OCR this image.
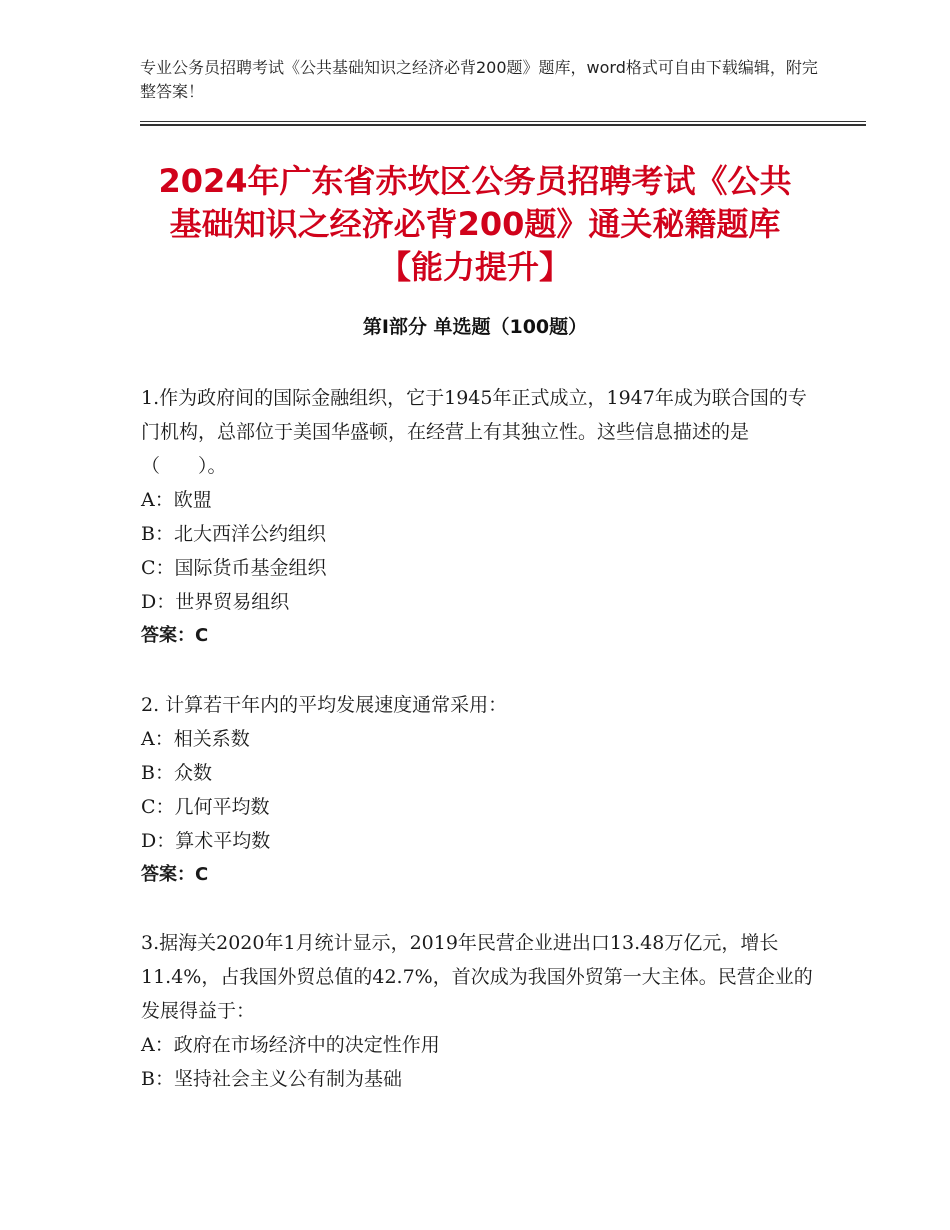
专业公务员招聘考试《公共基础知识之经济必背200题》题库，word格式可自由下载编辑，附完整答案！
2024年广东省赤坎区公务员招聘考试《公共
基础知识之经济必背200题》通关秘籍题库
【能力提升】
第Ⅰ部分 单选题（100题）
1.作为政府间的国际金融组织，它于1945年正式成立，1947年成为联合国的专门机构，总部位于美国华盛顿，在经营上有其独立性。这些信息描述的是（　　）。
A：欧盟
B：北大西洋公约组织
C：国际货币基金组织
D：世界贸易组织
答案：C
2. 计算若干年内的平均发展速度通常采用：
A：相关系数
B：众数
C：几何平均数
D：算术平均数
答案：C
3.据海关2020年1月统计显示，2019年民营企业进出口13.48万亿元，增长11.4%，占我国外贸总值的42.7%，首次成为我国外贸第一大主体。民营企业的发展得益于：
A：政府在市场经济中的决定性作用
B：坚持社会主义公有制为基础
